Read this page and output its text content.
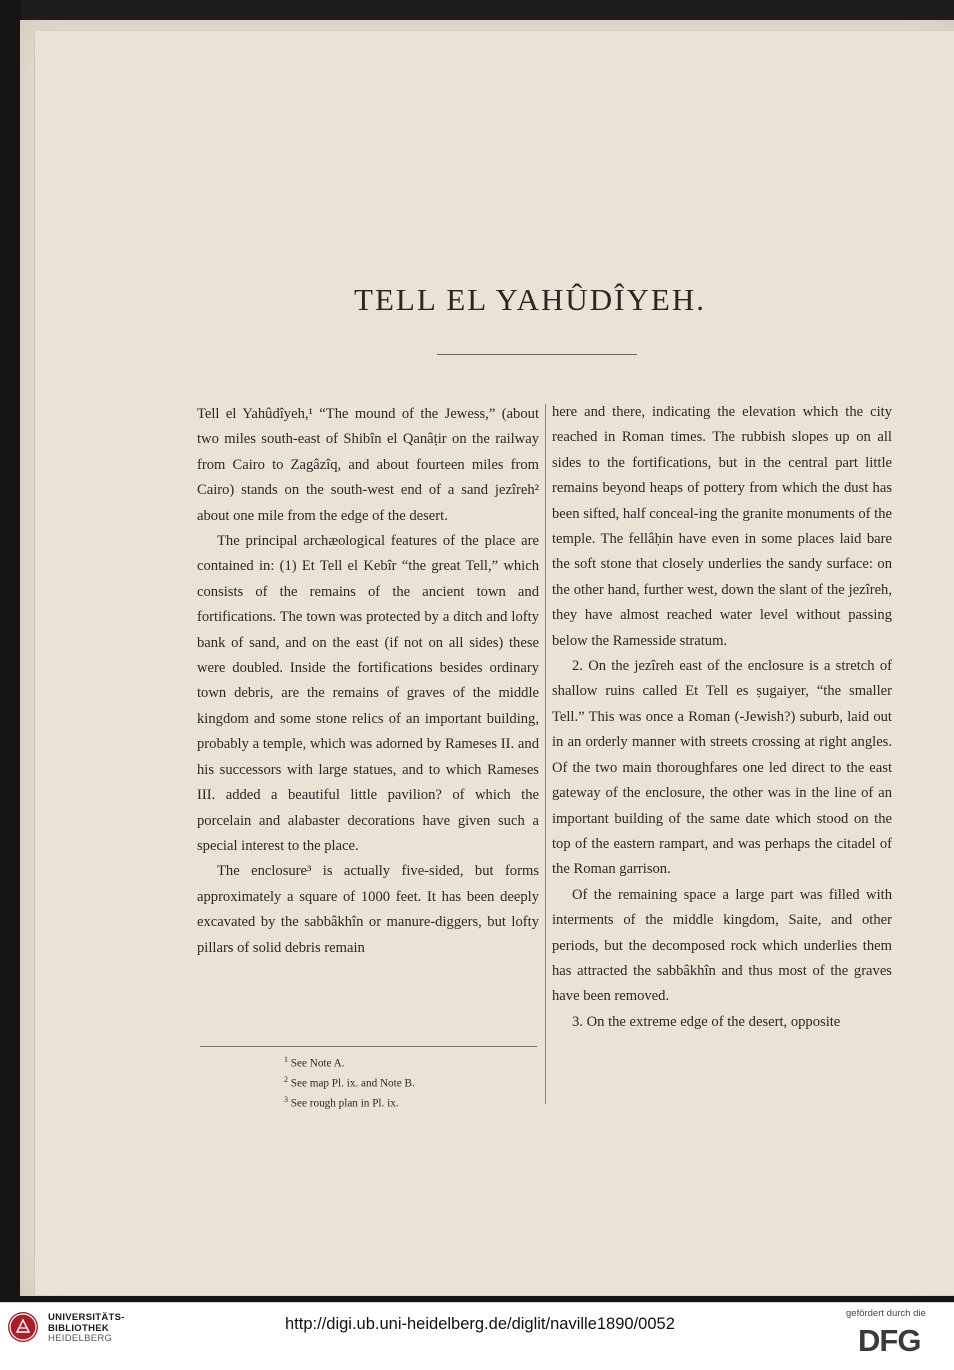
TELL EL YAHÛDÎYEH.

Tell el Yahûdîyeh,¹ “The mound of the Jewess,” (about two miles south-east of Shibîn el Qanâṭir on the railway from Cairo to Zagâzîq, and about fourteen miles from Cairo) stands on the south-west end of a sand jezîreh² about one mile from the edge of the desert.

The principal archæological features of the place are contained in: (1) Et Tell el Kebîr “the great Tell,” which consists of the remains of the ancient town and fortifications. The town was protected by a ditch and lofty bank of sand, and on the east (if not on all sides) these were doubled. Inside the fortifications besides ordinary town debris, are the remains of graves of the middle kingdom and some stone relics of an important building, probably a temple, which was adorned by Rameses II. and his successors with large statues, and to which Rameses III. added a beautiful little pavilion? of which the porcelain and alabaster decorations have given such a special interest to the place.

The enclosure³ is actually five-sided, but forms approximately a square of 1000 feet. It has been deeply excavated by the sabbâkhîn or manure-diggers, but lofty pillars of solid debris remain

here and there, indicating the elevation which the city reached in Roman times. The rubbish slopes up on all sides to the fortifications, but in the central part little remains beyond heaps of pottery from which the dust has been sifted, half conceal-ing the granite monuments of the temple. The fellâḥin have even in some places laid bare the soft stone that closely underlies the sandy surface: on the other hand, further west, down the slant of the jezîreh, they have almost reached water level without passing below the Ramesside stratum.

2. On the jezîreh east of the enclosure is a stretch of shallow ruins called Et Tell es ṣugaiyer, “the smaller Tell.” This was once a Roman (-Jewish?) suburb, laid out in an orderly manner with streets crossing at right angles. Of the two main thoroughfares one led direct to the east gateway of the enclosure, the other was in the line of an important building of the same date which stood on the top of the eastern rampart, and was perhaps the citadel of the Roman garrison.

Of the remaining space a large part was filled with interments of the middle kingdom, Saite, and other periods, but the decomposed rock which underlies them has attracted the sabbâkhîn and thus most of the graves have been removed.

3. On the extreme edge of the desert, opposite

$^1$ See Note A.
$^2$ See map Pl. ix. and Note B.
$^3$ See rough plan in Pl. ix.
UNIVERSITÄTS-
BIBLIOTHEK
HEIDELBERG
http://digi.ub.uni-heidelberg.de/diglit/naville1890/0052
gefördert durch die
DFG
